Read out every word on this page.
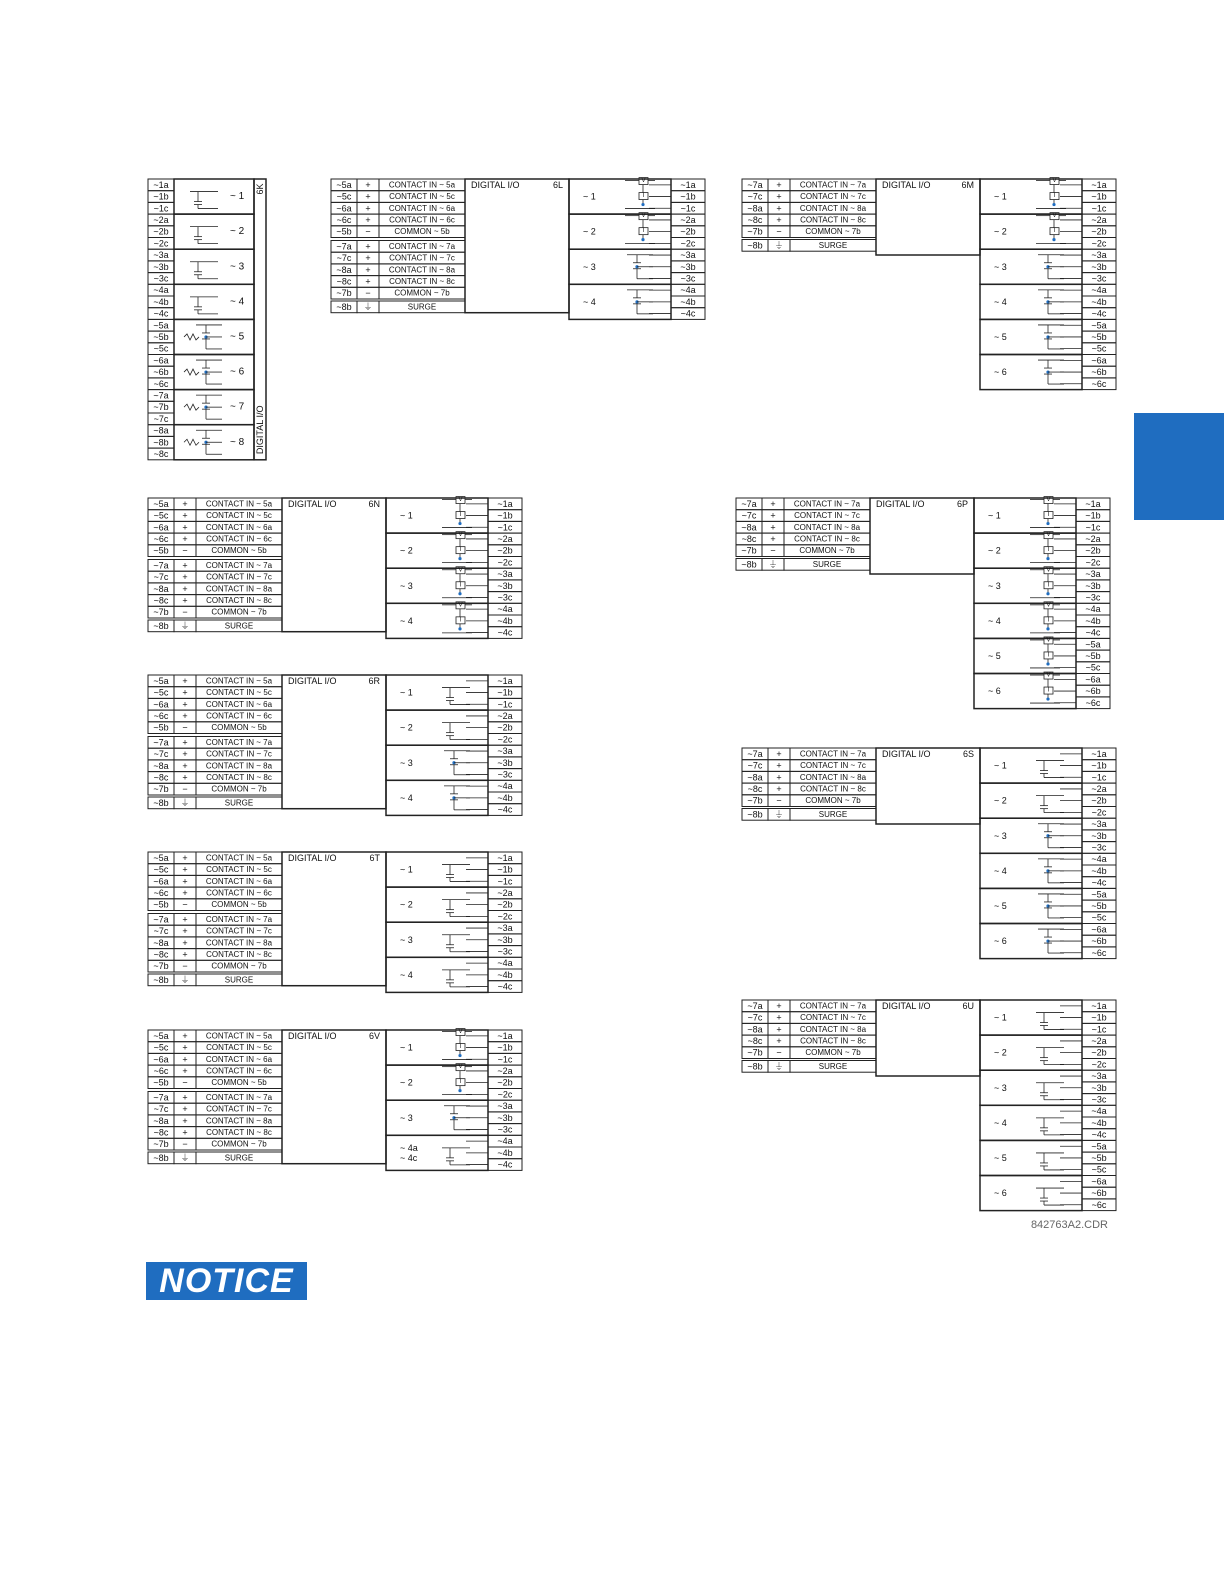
~1a
~1b
~1c
~2a
~2b
~2c
~3a
~3b
~3c
~4a
~4b
~4c
~5a
~5b
~5c
~6a
~6b
~6c
~7a
~7b
~7c
~8a
~8b
~8c
~ 1
~ 2
~ 3
~ 4
~ 5
~ 6
~ 7
~ 8
6K
DIGITAL I/O
~5a + CONTACT IN ~ 5a
~5c + CONTACT IN ~ 5c
~6a + CONTACT IN ~ 6a
~6c + CONTACT IN ~ 6c
~5b −	COMMON ~ 5b
~7a + CONTACT IN ~ 7a
~7c + CONTACT IN ~ 7c
~8a + CONTACT IN ~ 8a
~8c + CONTACT IN ~ 8c
~7b −	COMMON ~ 7b
~8b ⏚	SURGE
DIGITAL I/O	6L
~ 1
V
I
~1a
~1b
~1c
~ 2
V
I
~2a
~2b
~2c
~ 3
~3a
~3b
~3c
~ 4
~4a
~4b
~4c
~7a + CONTACT IN ~ 7a
~7c + CONTACT IN ~ 7c
~8a + CONTACT IN ~ 8a
~8c + CONTACT IN ~ 8c
~7b −	COMMON ~ 7b
~8b ⏚	SURGE
DIGITAL I/O	6M
~ 1
V
I
~1a
~1b
~1c
~ 2
V
I
~2a
~2b
~2c
~ 3
~3a
~3b
~3c
~ 4
~4a
~4b
~4c
~ 5
~5a
~5b
~5c
~ 6
~6a
~6b
~6c
~5a + CONTACT IN ~ 5a
~5c + CONTACT IN ~ 5c
~6a + CONTACT IN ~ 6a
~6c + CONTACT IN ~ 6c
~5b −	COMMON ~ 5b
~7a + CONTACT IN ~ 7a
~7c + CONTACT IN ~ 7c
~8a + CONTACT IN ~ 8a
~8c + CONTACT IN ~ 8c
~7b −	COMMON ~ 7b
~8b ⏚	SURGE
DIGITAL I/O	6N
~ 1
V
I
~1a
~1b
~1c
~ 2
V
I
~2a
~2b
~2c
~ 3
V
I
~3a
~3b
~3c
~ 4
V
I
~4a
~4b
~4c
~7a + CONTACT IN ~ 7a
~7c + CONTACT IN ~ 7c
~8a + CONTACT IN ~ 8a
~8c + CONTACT IN ~ 8c
~7b −	COMMON ~ 7b
~8b ⏚	SURGE
DIGITAL I/O	6P
~ 1
V
I
~1a
~1b
~1c
~ 2
V
I
~2a
~2b
~2c
~ 3
V
I
~3a
~3b
~3c
~ 4
V
I
~4a
~4b
~4c
~ 5
V
I
~5a
~5b
~5c
~ 6
V
I
~6a
~6b
~6c
~5a + CONTACT IN ~ 5a
~5c + CONTACT IN ~ 5c
~6a + CONTACT IN ~ 6a
~6c + CONTACT IN ~ 6c
~5b −	COMMON ~ 5b
~7a + CONTACT IN ~ 7a
~7c + CONTACT IN ~ 7c
~8a + CONTACT IN ~ 8a
~8c + CONTACT IN ~ 8c
~7b −	COMMON ~ 7b
~8b ⏚	SURGE
DIGITAL I/O	6R
~ 1
~1a
~1b
~1c
~ 2
~2a
~2b
~2c
~ 3
~3a
~3b
~3c
~ 4
~4a
~4b
~4c
~7a + CONTACT IN ~ 7a
~7c + CONTACT IN ~ 7c
~8a + CONTACT IN ~ 8a
~8c + CONTACT IN ~ 8c
~7b −	COMMON ~ 7b
~8b ⏚	SURGE
DIGITAL I/O	6S
~ 1
~1a
~1b
~1c
~ 2
~2a
~2b
~2c
~ 3
~3a
~3b
~3c
~ 4
~4a
~4b
~4c
~ 5
~5a
~5b
~5c
~ 6
~6a
~6b
~6c
~5a + CONTACT IN ~ 5a
~5c + CONTACT IN ~ 5c
~6a + CONTACT IN ~ 6a
~6c + CONTACT IN ~ 6c
~5b −	COMMON ~ 5b
~7a + CONTACT IN ~ 7a
~7c + CONTACT IN ~ 7c
~8a + CONTACT IN ~ 8a
~8c + CONTACT IN ~ 8c
~7b −	COMMON ~ 7b
~8b ⏚	SURGE
DIGITAL I/O	6T
~ 1
~1a
~1b
~1c
~ 2
~2a
~2b
~2c
~ 3
~3a
~3b
~3c
~ 4
~4a
~4b
~4c
~7a + CONTACT IN ~ 7a
~7c + CONTACT IN ~ 7c
~8a + CONTACT IN ~ 8a
~8c + CONTACT IN ~ 8c
~7b −	COMMON ~ 7b
~8b ⏚	SURGE
DIGITAL I/O	6U
~ 1
~1a
~1b
~1c
~ 2
~2a
~2b
~2c
~ 3
~3a
~3b
~3c
~ 4
~4a
~4b
~4c
~ 5
~5a
~5b
~5c
~ 6
~6a
~6b
~6c
~5a + CONTACT IN ~ 5a
~5c + CONTACT IN ~ 5c
~6a + CONTACT IN ~ 6a
~6c + CONTACT IN ~ 6c
~5b −	COMMON ~ 5b
~7a + CONTACT IN ~ 7a
~7c + CONTACT IN ~ 7c
~8a + CONTACT IN ~ 8a
~8c + CONTACT IN ~ 8c
~7b −	COMMON ~ 7b
~8b ⏚	SURGE
DIGITAL I/O	6V
~ 1
V
I
~1a
~1b
~1c
~ 2
V
I
~2a
~2b
~2c
~ 3
~3a
~3b
~3c
~ 4a
~ 4c
~4a
~4b
~4c
NOTICE
842763A2.CDR
